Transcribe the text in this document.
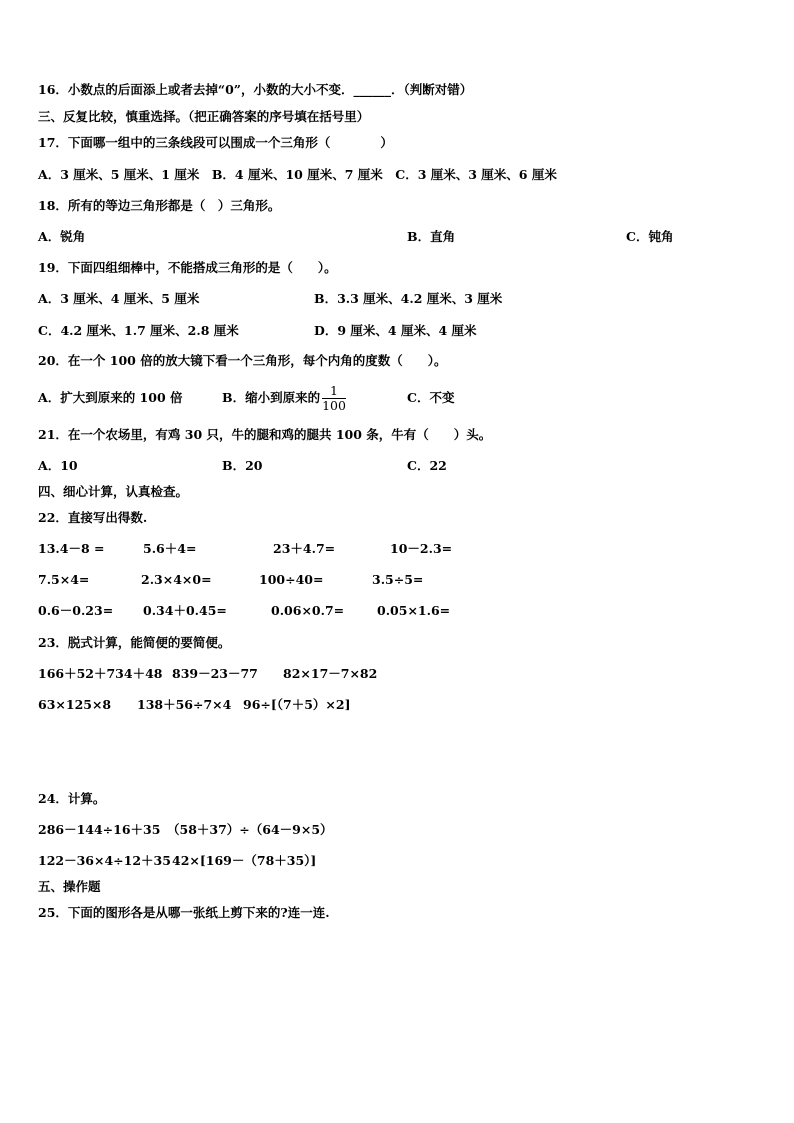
16．小数点的后面添上或者去掉“0”，小数的大小不变．______．（判断对错）
三、反复比较，慎重选择。（把正确答案的序号填在括号里）
17．下面哪一组中的三条线段可以围成一个三角形（　　　　）
A．3 厘米、5 厘米、1 厘米　B．4 厘米、10 厘米、7 厘米　C．3 厘米、3 厘米、6 厘米
18．所有的等边三角形都是（　）三角形。
A．锐角	B．直角	C．钝角
19．下面四组细棒中，不能搭成三角形的是（　　）。
A．3 厘米、4 厘米、5 厘米	B．3.3 厘米、4.2 厘米、3 厘米
C．4.2 厘米、1.7 厘米、2.8 厘米	D．9 厘米、4 厘米、4 厘米
20．在一个 100 倍的放大镜下看一个三角形，每个内角的度数（　　）。
A．扩大到原来的 100 倍	B．缩小到原来的 $\frac{1}{100}$	C．不变
21．在一个农场里，有鸡 30 只，牛的腿和鸡的腿共 100 条，牛有（　　）头。
A．10	B．20	C．22
四、细心计算，认真检查。
22．直接写出得数.
13.4－8 =	5.6＋4=	23＋4.7=	10－2.3=
7.5×4=	2.3×4×0=	100÷40=	3.5÷5=
0.6－0.23= 0.34＋0.45=	0.06×0.7=	0.05×1.6=
23．脱式计算，能简便的要简便。
166＋52＋734＋48 839－23－77 82×17－7×82
63×125×8 138＋56÷7×4 96÷[（7＋5）×2]
24．计算。
286－144÷16＋35 （58＋37）÷（64－9×5）
122－36×4÷12＋35 42×[169－（78＋35）]
五、操作题
25．下面的图形各是从哪一张纸上剪下来的?连一连.
